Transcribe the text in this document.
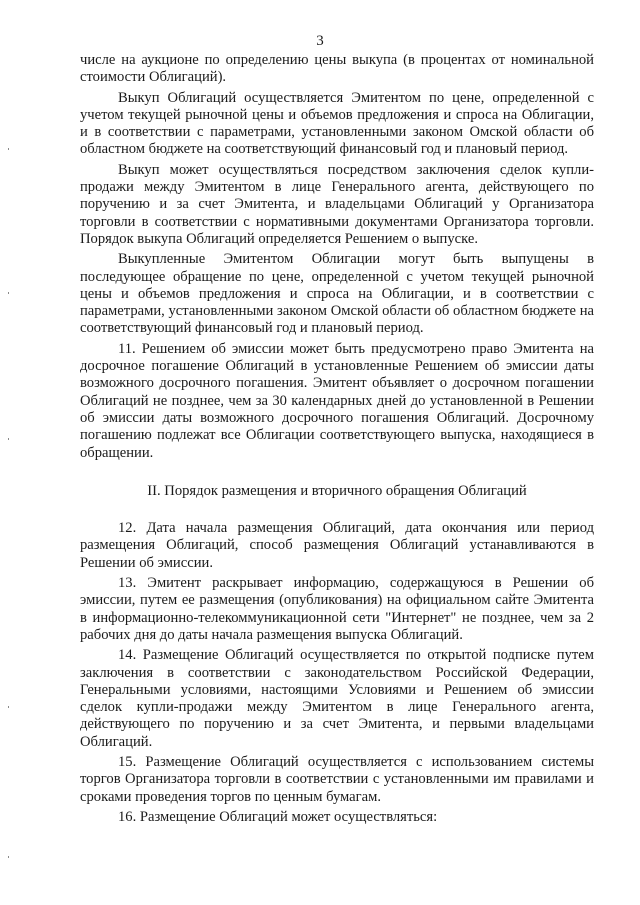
3

числе на аукционе по определению цены выкупа (в процентах от номинальной стоимости Облигаций).

Выкуп Облигаций осуществляется Эмитентом по цене, определенной с учетом текущей рыночной цены и объемов предложения и спроса на Облигации, и в соответствии с параметрами, установленными законом Омской области об областном бюджете на соответствующий финансовый год и плановый период.

Выкуп может осуществляться посредством заключения сделок купли-продажи между Эмитентом в лице Генерального агента, действующего по поручению и за счет Эмитента, и владельцами Облигаций у Организатора торговли в соответствии с нормативными документами Организатора торговли. Порядок выкупа Облигаций определяется Решением о выпуске.

Выкупленные Эмитентом Облигации могут быть выпущены в последующее обращение по цене, определенной с учетом текущей рыночной цены и объемов предложения и спроса на Облигации, и в соответствии с параметрами, установленными законом Омской области об областном бюджете на соответствующий финансовый год и плановый период.

11. Решением об эмиссии может быть предусмотрено право Эмитента на досрочное погашение Облигаций в установленные Решением об эмиссии даты возможного досрочного погашения. Эмитент объявляет о досрочном погашении Облигаций не позднее, чем за 30 календарных дней до установленной в Решении об эмиссии даты возможного досрочного погашения Облигаций. Досрочному погашению подлежат все Облигации соответствующего выпуска, находящиеся в обращении.

II. Порядок размещения и вторичного обращения Облигаций

12. Дата начала размещения Облигаций, дата окончания или период размещения Облигаций, способ размещения Облигаций устанавливаются в Решении об эмиссии.

13. Эмитент раскрывает информацию, содержащуюся в Решении об эмиссии, путем ее размещения (опубликования) на официальном сайте Эмитента в информационно-телекоммуникационной сети "Интернет" не позднее, чем за 2 рабочих дня до даты начала размещения выпуска Облигаций.

14. Размещение Облигаций осуществляется по открытой подписке путем заключения в соответствии с законодательством Российской Федерации, Генеральными условиями, настоящими Условиями и Решением об эмиссии сделок купли-продажи между Эмитентом в лице Генерального агента, действующего по поручению и за счет Эмитента, и первыми владельцами Облигаций.

15. Размещение Облигаций осуществляется с использованием системы торгов Организатора торговли в соответствии с установленными им правилами и сроками проведения торгов по ценным бумагам.

16. Размещение Облигаций может осуществляться:
